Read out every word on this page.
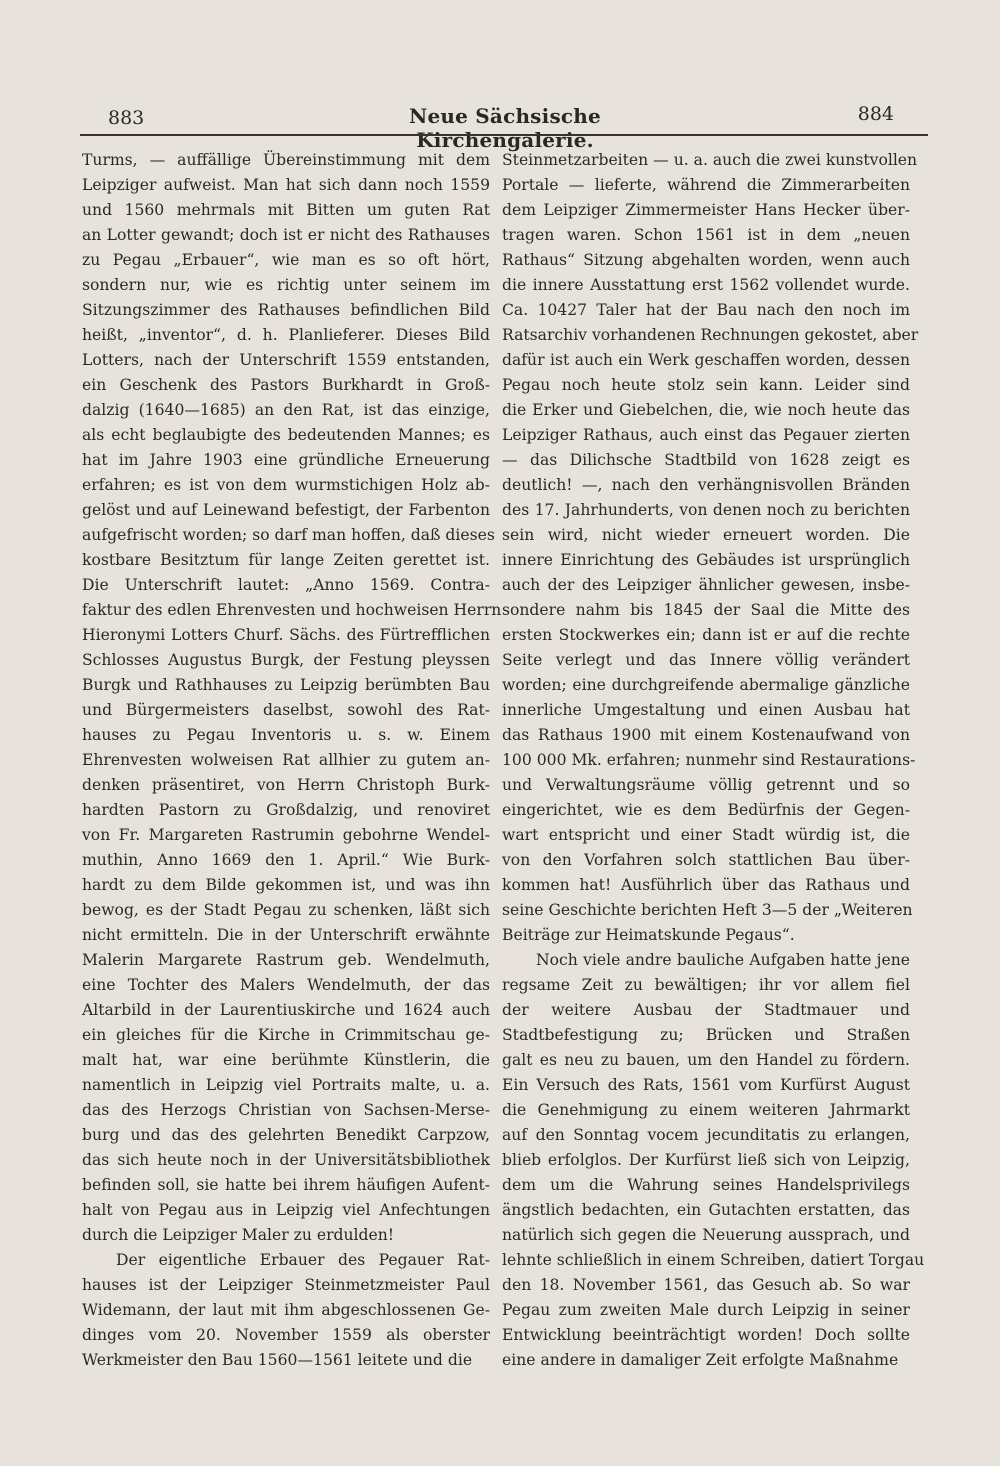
883	Neue Sächsische Kirchengalerie.
884
Turms, — auffällige Übereinstimmung mit dem
Leipziger aufweist. Man hat sich dann noch 1559
und 1560 mehrmals mit Bitten um guten Rat
an Lotter gewandt; doch ist er nicht des Rathauses
zu Pegau „Erbauer“, wie man es so oft hört,
sondern nur, wie es richtig unter seinem im
Sitzungszimmer des Rathauses befindlichen Bild
heißt, „inventor“, d. h. Planlieferer. Dieses Bild
Lotters, nach der Unterschrift 1559 entstanden,
ein Geschenk des Pastors Burkhardt in Groß-
dalzig (1640—1685) an den Rat, ist das einzige,
als echt beglaubigte des bedeutenden Mannes; es
hat im Jahre 1903 eine gründliche Erneuerung
erfahren; es ist von dem wurmstichigen Holz ab-
gelöst und auf Leinewand befestigt, der Farbenton
aufgefrischt worden; so darf man hoffen, daß dieses
kostbare Besitztum für lange Zeiten gerettet ist.
Die Unterschrift lautet: „Anno 1569. Contra-
faktur des edlen Ehrenvesten und hochweisen Herrn
Hieronymi Lotters Churf. Sächs. des Fürtrefflichen
Schlosses Augustus Burgk, der Festung pleyssen
Burgk und Rathhauses zu Leipzig berümbten Bau
und Bürgermeisters daselbst, sowohl des Rat-
hauses zu Pegau Inventoris u. s. w. Einem
Ehrenvesten wolweisen Rat allhier zu gutem an-
denken präsentiret, von Herrn Christoph Burk-
hardten Pastorn zu Großdalzig, und renoviret
von Fr. Margareten Rastrumin gebohrne Wendel-
muthin, Anno 1669 den 1. April.“ Wie Burk-
hardt zu dem Bilde gekommen ist, und was ihn
bewog, es der Stadt Pegau zu schenken, läßt sich
nicht ermitteln. Die in der Unterschrift erwähnte
Malerin Margarete Rastrum geb. Wendelmuth,
eine Tochter des Malers Wendelmuth, der das
Altarbild in der Laurentiuskirche und 1624 auch
ein gleiches für die Kirche in Crimmitschau ge-
malt hat, war eine berühmte Künstlerin, die
namentlich in Leipzig viel Portraits malte, u. a.
das des Herzogs Christian von Sachsen-Merse-
burg und das des gelehrten Benedikt Carpzow,
das sich heute noch in der Universitätsbibliothek
befinden soll, sie hatte bei ihrem häufigen Aufent-
halt von Pegau aus in Leipzig viel Anfechtungen
durch die Leipziger Maler zu erdulden!
Der eigentliche Erbauer des Pegauer Rat-
hauses ist der Leipziger Steinmetzmeister Paul
Widemann, der laut mit ihm abgeschlossenen Ge-
dinges vom 20. November 1559 als oberster
Werkmeister den Bau 1560—1561 leitete und die
Steinmetzarbeiten — u. a. auch die zwei kunstvollen
Portale — lieferte, während die Zimmerarbeiten
dem Leipziger Zimmermeister Hans Hecker über-
tragen waren. Schon 1561 ist in dem „neuen
Rathaus“ Sitzung abgehalten worden, wenn auch
die innere Ausstattung erst 1562 vollendet wurde.
Ca. 10427 Taler hat der Bau nach den noch im
Ratsarchiv vorhandenen Rechnungen gekostet, aber
dafür ist auch ein Werk geschaffen worden, dessen
Pegau noch heute stolz sein kann. Leider sind
die Erker und Giebelchen, die, wie noch heute das
Leipziger Rathaus, auch einst das Pegauer zierten
— das Dilichsche Stadtbild von 1628 zeigt es
deutlich! —, nach den verhängnisvollen Bränden
des 17. Jahrhunderts, von denen noch zu berichten
sein wird, nicht wieder erneuert worden. Die
innere Einrichtung des Gebäudes ist ursprünglich
auch der des Leipziger ähnlicher gewesen, insbe-
sondere nahm bis 1845 der Saal die Mitte des
ersten Stockwerkes ein; dann ist er auf die rechte
Seite verlegt und das Innere völlig verändert
worden; eine durchgreifende abermalige gänzliche
innerliche Umgestaltung und einen Ausbau hat
das Rathaus 1900 mit einem Kostenaufwand von
100 000 Mk. erfahren; nunmehr sind Restaurations-
und Verwaltungsräume völlig getrennt und so
eingerichtet, wie es dem Bedürfnis der Gegen-
wart entspricht und einer Stadt würdig ist, die
von den Vorfahren solch stattlichen Bau über-
kommen hat! Ausführlich über das Rathaus und
seine Geschichte berichten Heft 3—5 der „Weiteren
Beiträge zur Heimatskunde Pegaus“.
Noch viele andre bauliche Aufgaben hatte jene
regsame Zeit zu bewältigen; ihr vor allem fiel
der weitere Ausbau der Stadtmauer und
Stadtbefestigung zu; Brücken und Straßen
galt es neu zu bauen, um den Handel zu fördern.
Ein Versuch des Rats, 1561 vom Kurfürst August
die Genehmigung zu einem weiteren Jahrmarkt
auf den Sonntag vocem jecunditatis zu erlangen,
blieb erfolglos. Der Kurfürst ließ sich von Leipzig,
dem um die Wahrung seines Handelsprivilegs
ängstlich bedachten, ein Gutachten erstatten, das
natürlich sich gegen die Neuerung aussprach, und
lehnte schließlich in einem Schreiben, datiert Torgau
den 18. November 1561, das Gesuch ab. So war
Pegau zum zweiten Male durch Leipzig in seiner
Entwicklung beeinträchtigt worden! Doch sollte
eine andere in damaliger Zeit erfolgte Maßnahme
